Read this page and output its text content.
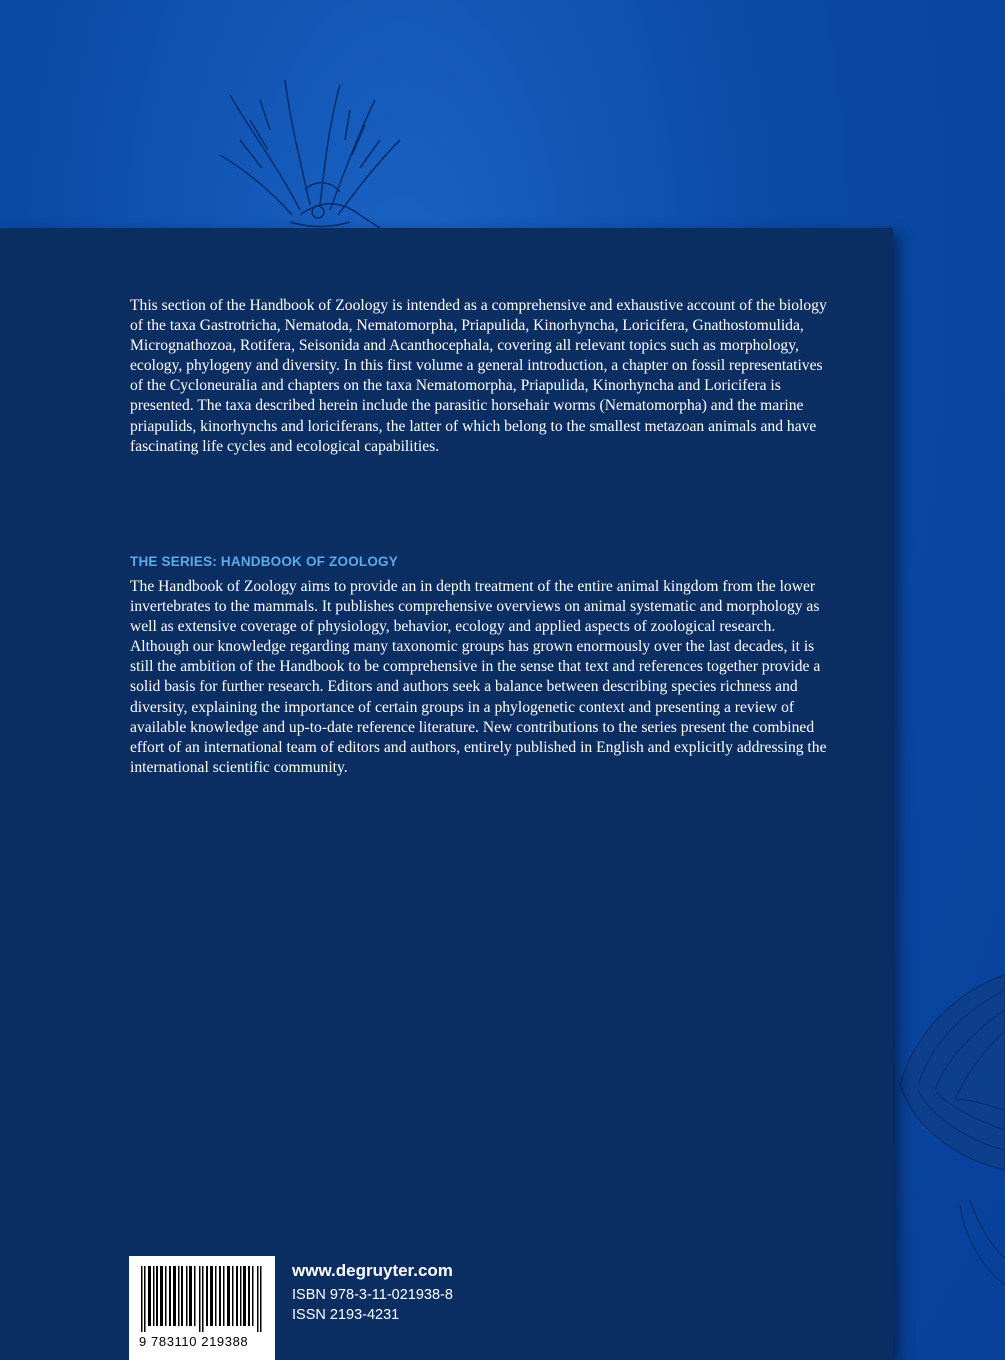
This section of the Handbook of Zoology is intended as a comprehensive and exhaustive account of the biology of the taxa Gastrotricha, Nematoda, Nematomorpha, Priapulida, Kinorhyncha, Loricifera, Gnathostomulida, Micrognathozoa, Rotifera, Seisonida and Acanthocephala, covering all relevant topics such as morphology, ecology, phylogeny and diversity. In this first volume a general introduction, a chapter on fossil representatives of the Cycloneuralia and chapters on the taxa Nematomorpha, Priapulida, Kinorhyncha and Loricifera is presented. The taxa described herein include the parasitic horsehair worms (Nematomorpha) and the marine priapulids, kinorhynchs and loriciferans, the latter of which belong to the smallest metazoan animals and have fascinating life cycles and ecological capabilities.

THE SERIES: HANDBOOK OF ZOOLOGY

The Handbook of Zoology aims to provide an in depth treatment of the entire animal kingdom from the lower invertebrates to the mammals. It publishes comprehensive overviews on animal systematic and morphology as well as extensive coverage of physiology, behavior, ecology and applied aspects of zoological research. Although our knowledge regarding many taxonomic groups has grown enormously over the last decades, it is still the ambition of the Handbook to be comprehensive in the sense that text and references together provide a solid basis for further research. Editors and authors seek a balance between describing species richness and diversity, explaining the importance of certain groups in a phylogenetic context and presenting a review of available knowledge and up-to-date reference literature. New contributions to the series present the combined effort of an international team of editors and authors, entirely published in English and explicitly addressing the international scientific community.

9 783110 219388
www.degruyter.com
ISBN 978-3-11-021938-8
ISSN 2193-4231
